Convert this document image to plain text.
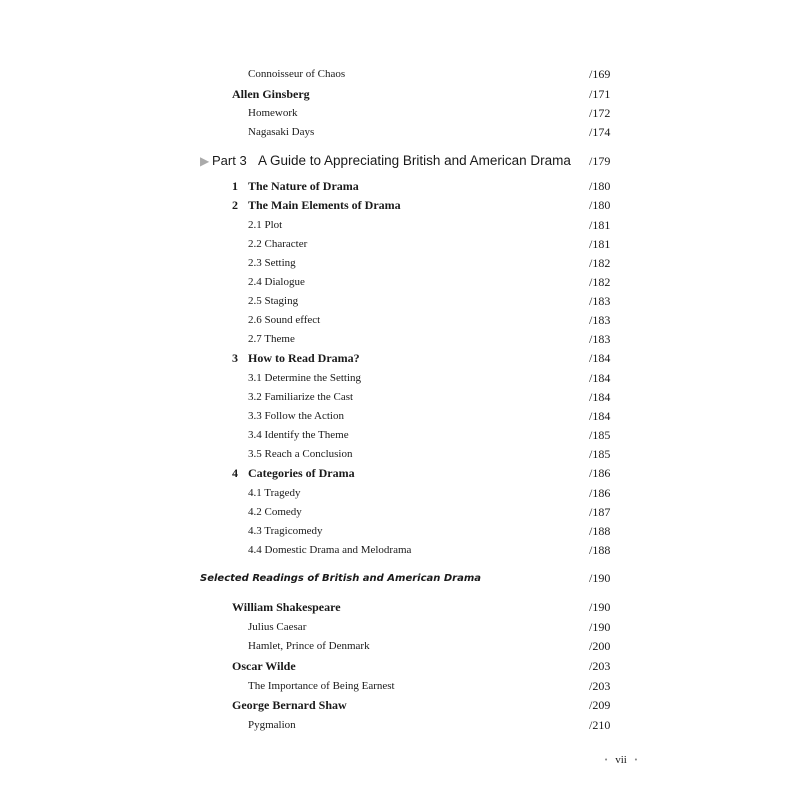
Connoisseur of Chaos	/169
Allen Ginsberg	/171
Homework	/172
Nagasaki Days	/174
▶ Part 3 A Guide to Appreciating British and American Drama /179
1 The Nature of Drama	/180
2 The Main Elements of Drama	/180
2.1 Plot	/181
2.2 Character	/181
2.3 Setting	/182
2.4 Dialogue	/182
2.5 Staging	/183
2.6 Sound effect	/183
2.7 Theme	/183
3 How to Read Drama?	/184
3.1 Determine the Setting	/184
3.2 Familiarize the Cast	/184
3.3 Follow the Action	/184
3.4 Identify the Theme	/185
3.5 Reach a Conclusion	/185
4 Categories of Drama	/186
4.1 Tragedy	/186
4.2 Comedy	/187
4.3 Tragicomedy	/188
4.4 Domestic Drama and Melodrama	/188
Selected Readings of British and American Drama	/190
William Shakespeare	/190
Julius Caesar	/190
Hamlet, Prince of Denmark	/200
Oscar Wilde	/203
The Importance of Being Earnest	/203
George Bernard Shaw	/209
Pygmalion	/210
• vii •
